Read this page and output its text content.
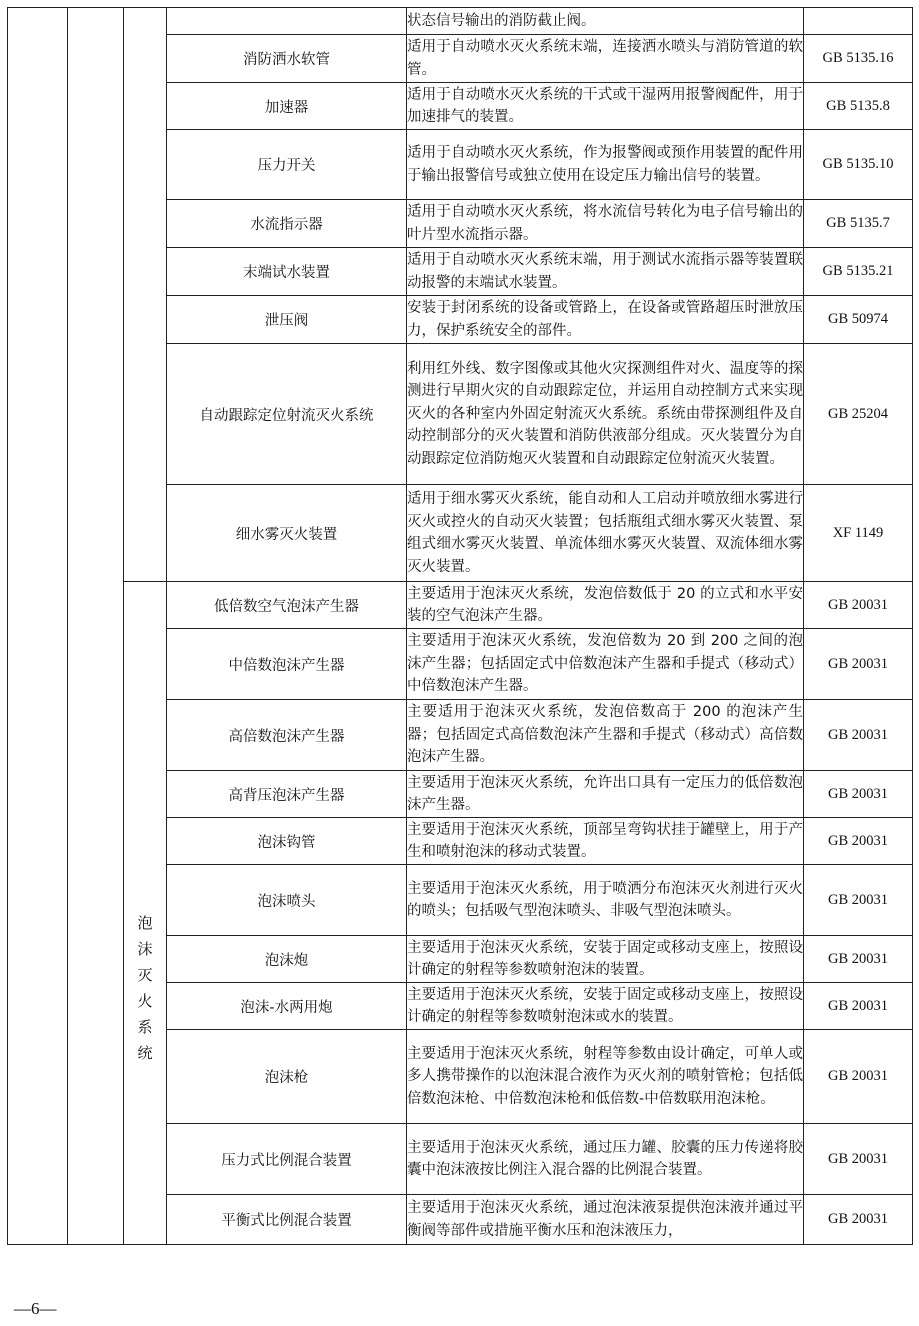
				状态信号输出的消防截止阀。	
			消防洒水软管	适用于自动喷水灭火系统末端，连接洒水喷头与消防管道的软管。	GB 5135.16
			加速器	适用于自动喷水灭火系统的干式或干湿两用报警阀配件，用于加速排气的装置。	GB 5135.8
			压力开关	适用于自动喷水灭火系统，作为报警阀或预作用装置的配件用于输出报警信号或独立使用在设定压力输出信号的装置。	GB 5135.10
			水流指示器	适用于自动喷水灭火系统，将水流信号转化为电子信号输出的叶片型水流指示器。	GB 5135.7
			末端试水装置	适用于自动喷水灭火系统末端，用于测试水流指示器等装置联动报警的末端试水装置。	GB 5135.21
			泄压阀	安装于封闭系统的设备或管路上，在设备或管路超压时泄放压力，保护系统安全的部件。	GB 50974
			自动跟踪定位射流灭火系统	利用红外线、数字图像或其他火灾探测组件对火、温度等的探测进行早期火灾的自动跟踪定位，并运用自动控制方式来实现灭火的各种室内外固定射流灭火系统。系统由带探测组件及自动控制部分的灭火装置和消防供液部分组成。灭火装置分为自动跟踪定位消防炮灭火装置和自动跟踪定位射流灭火装置。	GB 25204
			细水雾灭火装置	适用于细水雾灭火系统，能自动和人工启动并喷放细水雾进行灭火或控火的自动灭火装置；包括瓶组式细水雾灭火装置、泵组式细水雾灭火装置、单流体细水雾灭火装置、双流体细水雾灭火装置。	XF 1149
		泡沫灭火系统	低倍数空气泡沫产生器	主要适用于泡沫灭火系统，发泡倍数低于 20 的立式和水平安装的空气泡沫产生器。	GB 20031
			中倍数泡沫产生器	主要适用于泡沫灭火系统，发泡倍数为 20 到 200 之间的泡沫产生器；包括固定式中倍数泡沫产生器和手提式（移动式）中倍数泡沫产生器。	GB 20031
			高倍数泡沫产生器	主要适用于泡沫灭火系统，发泡倍数高于 200 的泡沫产生器；包括固定式高倍数泡沫产生器和手提式（移动式）高倍数泡沫产生器。	GB 20031
			高背压泡沫产生器	主要适用于泡沫灭火系统，允许出口具有一定压力的低倍数泡沫产生器。	GB 20031
			泡沫钩管	主要适用于泡沫灭火系统，顶部呈弯钩状挂于罐壁上，用于产生和喷射泡沫的移动式装置。	GB 20031
			泡沫喷头	主要适用于泡沫灭火系统，用于喷洒分布泡沫灭火剂进行灭火的喷头；包括吸气型泡沫喷头、非吸气型泡沫喷头。	GB 20031
			泡沫炮	主要适用于泡沫灭火系统，安装于固定或移动支座上，按照设计确定的射程等参数喷射泡沫的装置。	GB 20031
			泡沫-水两用炮	主要适用于泡沫灭火系统，安装于固定或移动支座上，按照设计确定的射程等参数喷射泡沫或水的装置。	GB 20031
			泡沫枪	主要适用于泡沫灭火系统，射程等参数由设计确定，可单人或多人携带操作的以泡沫混合液作为灭火剂的喷射管枪；包括低倍数泡沫枪、中倍数泡沫枪和低倍数-中倍数联用泡沫枪。	GB 20031
			压力式比例混合装置	主要适用于泡沫灭火系统，通过压力罐、胶囊的压力传递将胶囊中泡沫液按比例注入混合器的比例混合装置。	GB 20031
			平衡式比例混合装置	主要适用于泡沫灭火系统，通过泡沫液泵提供泡沫液并通过平衡阀等部件或措施平衡水压和泡沫液压力，	GB 20031
—6—
